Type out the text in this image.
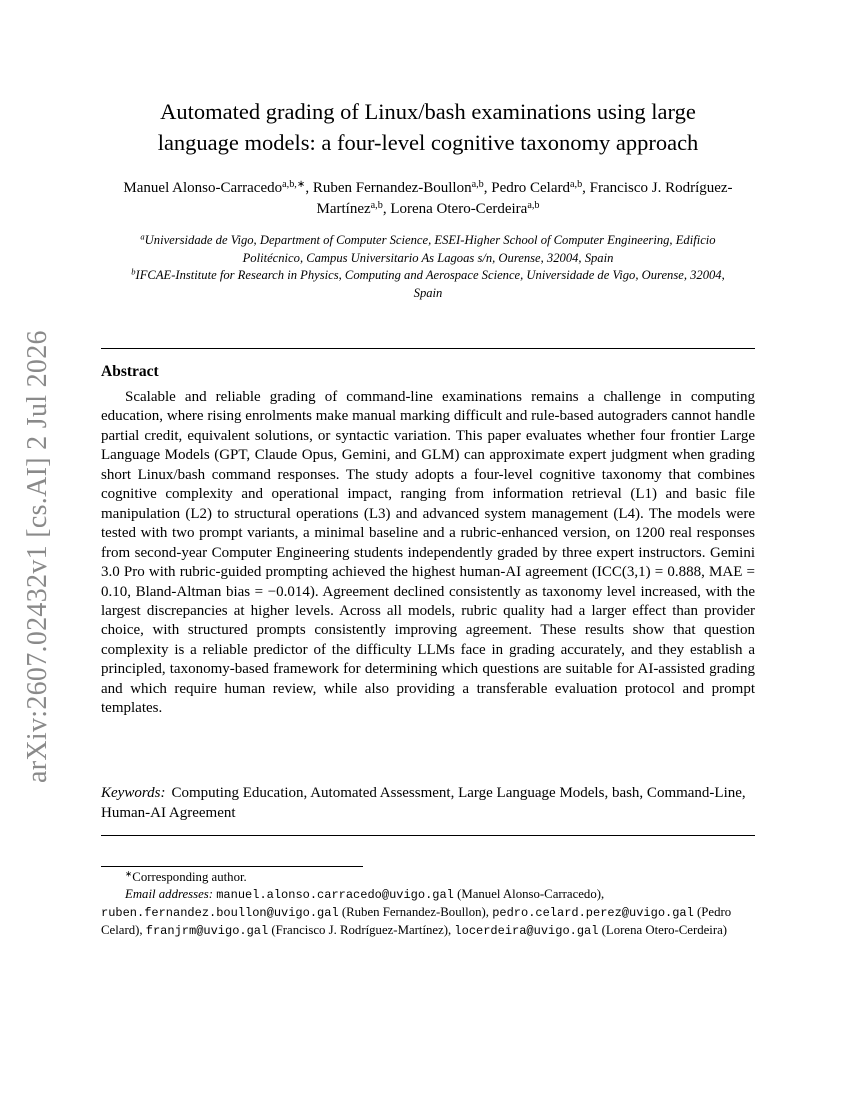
arXiv:2607.02432v1 [cs.AI] 2 Jul 2026
Automated grading of Linux/bash examinations using large
language models: a four-level cognitive taxonomy approach
Manuel Alonso-Carracedo$^{a,b,∗}$, Ruben Fernandez-Boullon$^{a,b}$, Pedro Celard$^{a,b}$, Francisco J. Rodríguez-Martínez$^{a,b}$, Lorena Otero-Cerdeira$^{a,b}$
$^a$Universidade de Vigo, Department of Computer Science, ESEI-Higher School of Computer Engineering, Edificio Politécnico, Campus Universitario As Lagoas s/n, Ourense, 32004, Spain
$^b$IFCAE-Institute for Research in Physics, Computing and Aerospace Science, Universidade de Vigo, Ourense, 32004, Spain
Abstract

Scalable and reliable grading of command-line examinations remains a challenge in computing education, where rising enrolments make manual marking difficult and rule-based autograders cannot handle partial credit, equivalent solutions, or syntactic variation. This paper evaluates whether four frontier Large Language Models (GPT, Claude Opus, Gemini, and GLM) can approximate expert judgment when grading short Linux/bash command responses. The study adopts a four-level cognitive taxonomy that combines cognitive complexity and operational impact, ranging from information retrieval (L1) and basic file manipulation (L2) to structural operations (L3) and advanced system management (L4). The models were tested with two prompt variants, a minimal baseline and a rubric-enhanced version, on 1200 real responses from second-year Computer Engineering students independently graded by three expert instructors. Gemini 3.0 Pro with rubric-guided prompting achieved the highest human-AI agreement (ICC(3,1) = 0.888, MAE = 0.10, Bland-Altman bias = −0.014). Agreement declined consistently as taxonomy level increased, with the largest discrepancies at higher levels. Across all models, rubric quality had a larger effect than provider choice, with structured prompts consistently improving agreement. These results show that question complexity is a reliable predictor of the difficulty LLMs face in grading accurately, and they establish a principled, taxonomy-based framework for determining which questions are suitable for AI-assisted grading and which require human review, while also providing a transferable evaluation protocol and prompt templates.

Keywords: Computing Education, Automated Assessment, Large Language Models, bash, Command-Line, Human-AI Agreement

∗Corresponding author.

Email addresses: manuel.alonso.carracedo@uvigo.gal (Manuel Alonso-Carracedo), ruben.fernandez.boullon@uvigo.gal (Ruben Fernandez-Boullon), pedro.celard.perez@uvigo.gal (Pedro Celard), franjrm@uvigo.gal (Francisco J. Rodríguez-Martínez), locerdeira@uvigo.gal (Lorena Otero-Cerdeira)
